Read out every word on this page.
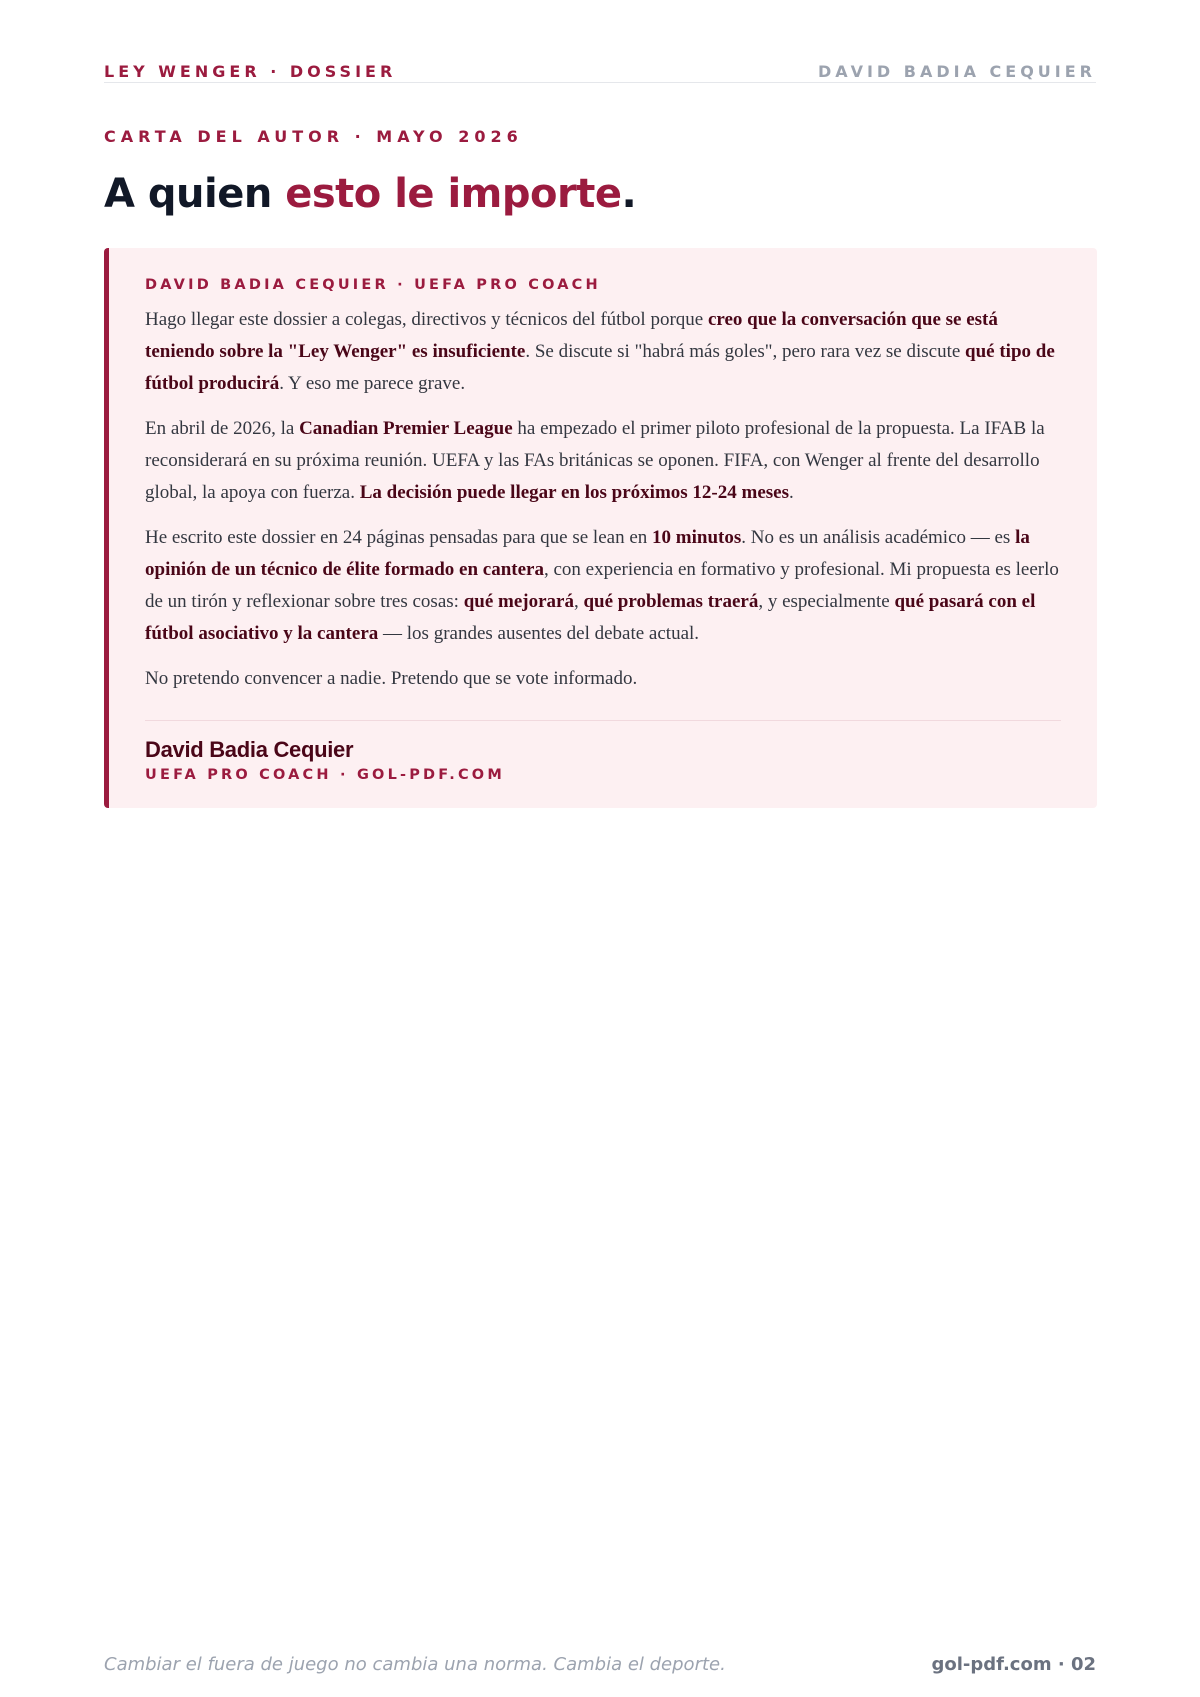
LEY WENGER · DOSSIER	DAVID BADIA CEQUIER
CARTA DEL AUTOR · MAYO 2026
A quien esto le importe.
DAVID BADIA CEQUIER · UEFA PRO COACH

Hago llegar este dossier a colegas, directivos y técnicos del fútbol porque creo que la conversación que se está teniendo sobre la "Ley Wenger" es insuficiente. Se discute si "habrá más goles", pero rara vez se discute qué tipo de fútbol producirá. Y eso me parece grave.

En abril de 2026, la Canadian Premier League ha empezado el primer piloto profesional de la propuesta. La IFAB la reconsiderará en su próxima reunión. UEFA y las FAs británicas se oponen. FIFA, con Wenger al frente del desarrollo global, la apoya con fuerza. La decisión puede llegar en los próximos 12-24 meses.

He escrito este dossier en 24 páginas pensadas para que se lean en 10 minutos. No es un análisis académico — es la opinión de un técnico de élite formado en cantera, con experiencia en formativo y profesional. Mi propuesta es leerlo de un tirón y reflexionar sobre tres cosas: qué mejorará, qué problemas traerá, y especialmente qué pasará con el fútbol asociativo y la cantera — los grandes ausentes del debate actual.

No pretendo convencer a nadie. Pretendo que se vote informado.

David Badia Cequier
UEFA PRO COACH · GOL-PDF.COM
Cambiar el fuera de juego no cambia una norma. Cambia el deporte.	gol-pdf.com · 02
